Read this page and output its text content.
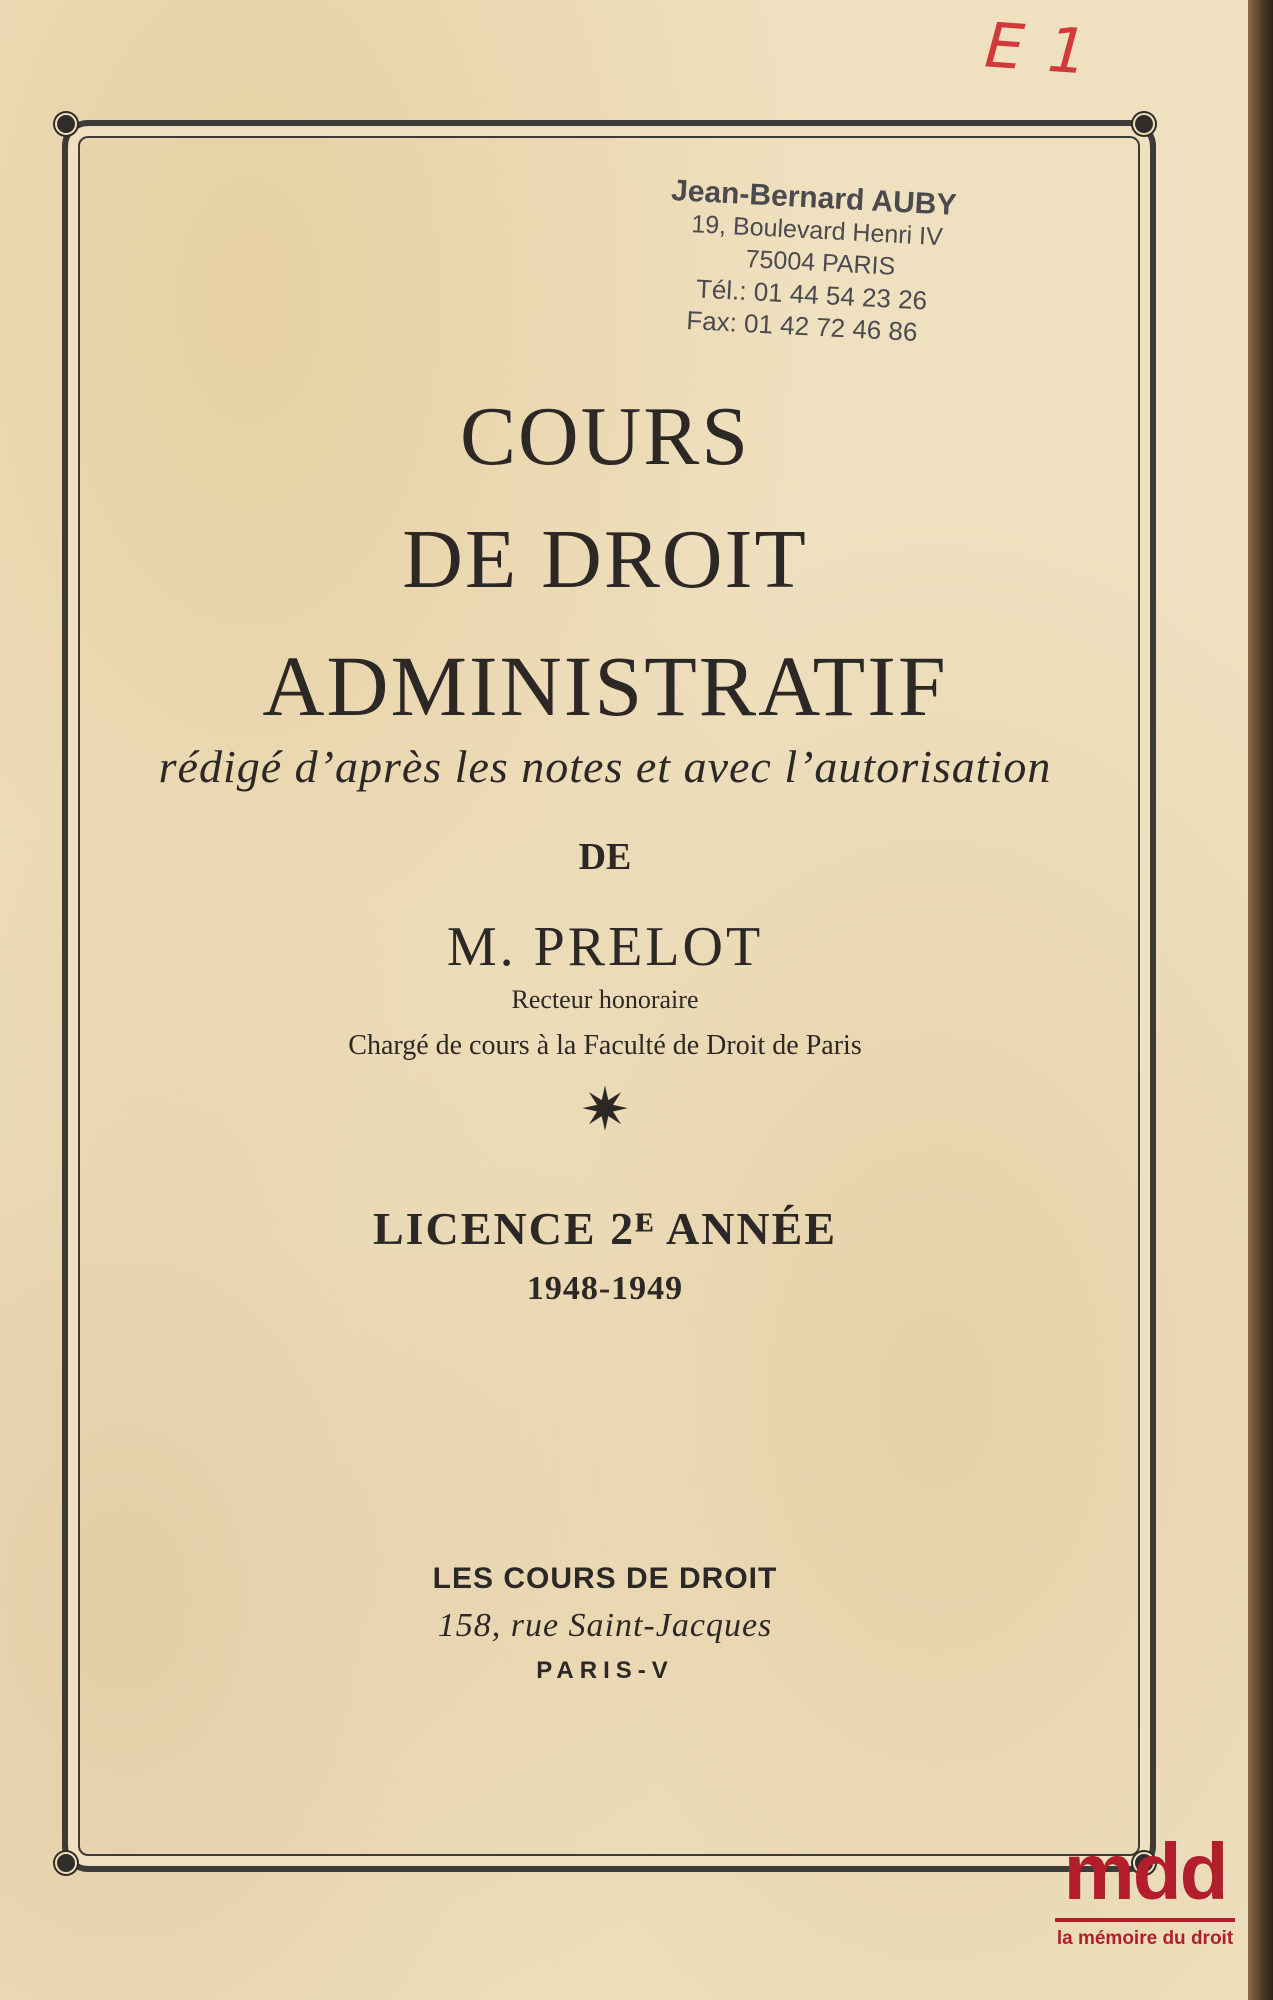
E 1
Jean-Bernard AUBY
19, Boulevard Henri IV
75004 PARIS
Tél.: 01 44 54 23 26
Fax: 01 42 72 46 86
COURS
DE DROIT
ADMINISTRATIF
rédigé d’après les notes et avec l’autorisation
DE
M. PRELOT
Recteur honoraire
Chargé de cours à la Faculté de Droit de Paris
✷
LICENCE 2ᴱ ANNÉE
1948-1949
LES COURS DE DROIT
158, rue Saint-Jacques
PARIS-V
mdd
la mémoire du droit
